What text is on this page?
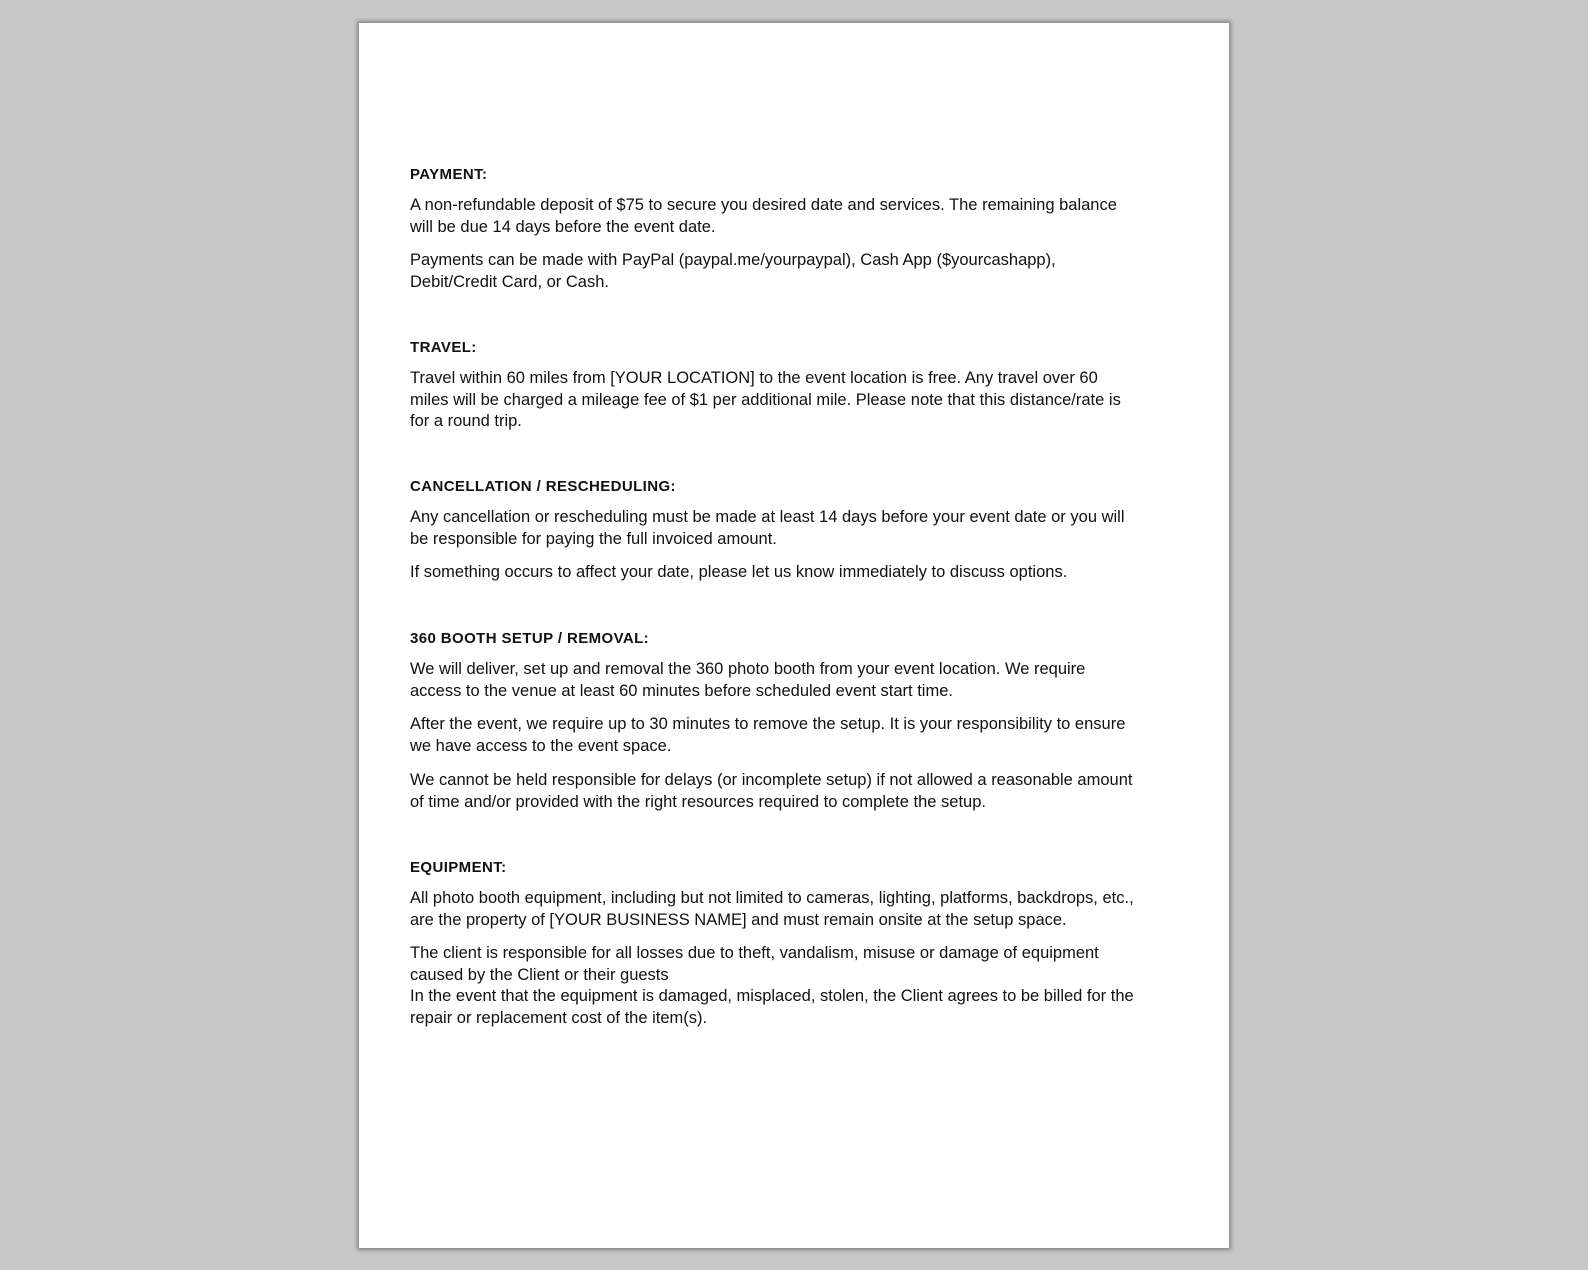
PAYMENT:
A non-refundable deposit of $75 to secure you desired date and services. The remaining balance
will be due 14 days before the event date.
Payments can be made with PayPal (paypal.me/yourpaypal), Cash App ($yourcashapp),
Debit/Credit Card, or Cash.
TRAVEL:
Travel within 60 miles from [YOUR LOCATION] to the event location is free. Any travel over 60
miles will be charged a mileage fee of $1 per additional mile. Please note that this distance/rate is
for a round trip.
CANCELLATION / RESCHEDULING:
Any cancellation or rescheduling must be made at least 14 days before your event date or you will
be responsible for paying the full invoiced amount.
If something occurs to affect your date, please let us know immediately to discuss options.
360 BOOTH SETUP / REMOVAL:
We will deliver, set up and removal the 360 photo booth from your event location. We require
access to the venue at least 60 minutes before scheduled event start time.
After the event, we require up to 30 minutes to remove the setup. It is your responsibility to ensure
we have access to the event space.
We cannot be held responsible for delays (or incomplete setup) if not allowed a reasonable amount
of time and/or provided with the right resources required to complete the setup.
EQUIPMENT:
All photo booth equipment, including but not limited to cameras, lighting, platforms, backdrops, etc.,
are the property of [YOUR BUSINESS NAME] and must remain onsite at the setup space.
The client is responsible for all losses due to theft, vandalism, misuse or damage of equipment
caused by the Client or their guests
In the event that the equipment is damaged, misplaced, stolen, the Client agrees to be billed for the
repair or replacement cost of the item(s).
